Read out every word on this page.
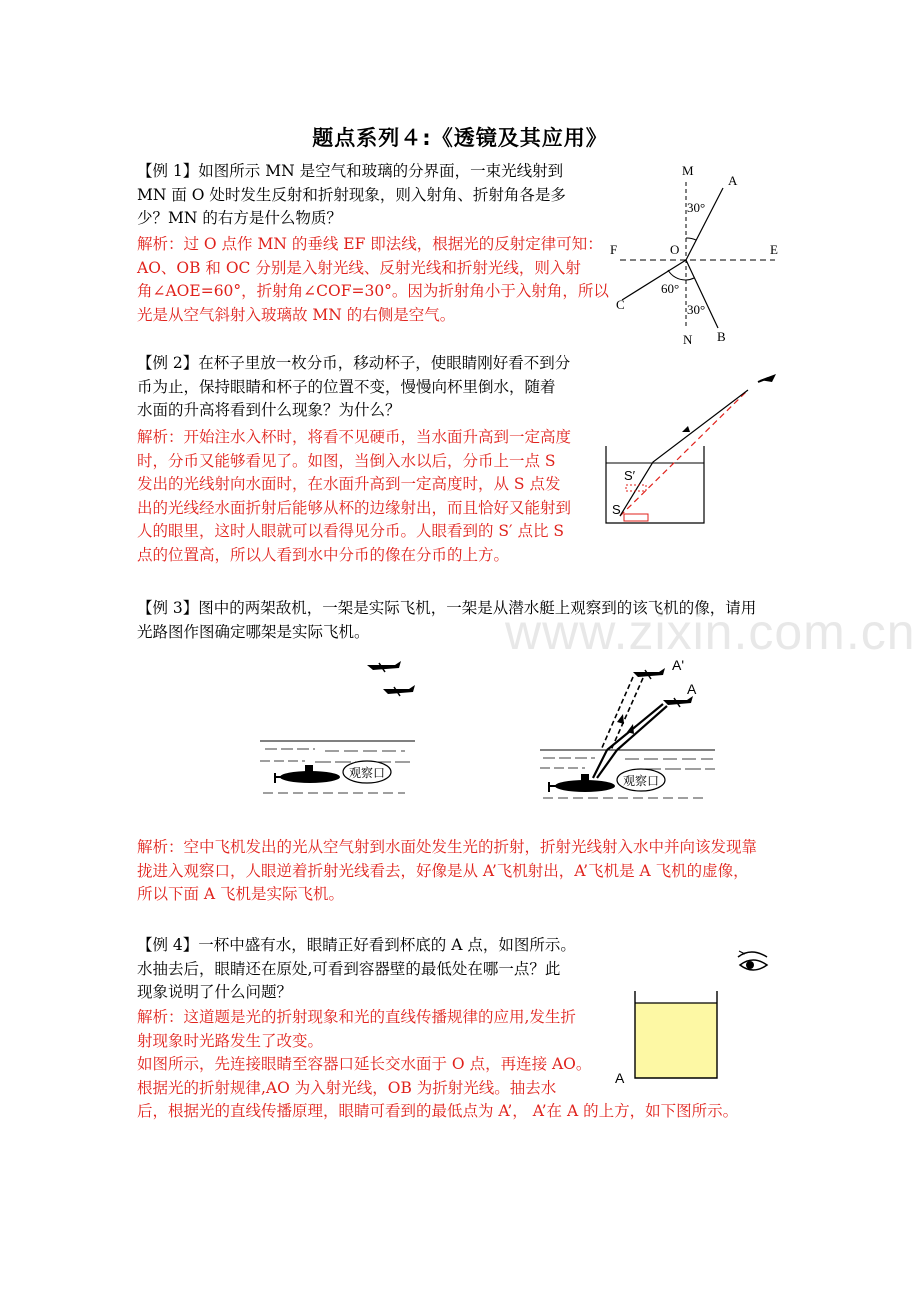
题点系列４:《透镜及其应用》
【例 1】如图所示 MN 是空气和玻璃的分界面，一束光线射到
MN 面 O 处时发生反射和折射现象，则入射角、折射角各是多
少？MN 的右方是什么物质？
解析：过 O 点作 MN 的垂线 EF 即法线，根据光的反射定律可知：
AO、OB 和 OC 分别是入射光线、反射光线和折射光线，则入射
角∠AOE=60°，折射角∠COF=30°。因为折射角小于入射角，所以
光是从空气斜射入玻璃故 MN 的右侧是空气。
M
N
F	E
O
A
B
C
30°
30°
60°
【例 2】在杯子里放一枚分币，移动杯子，使眼睛刚好看不到分
币为止，保持眼睛和杯子的位置不变，慢慢向杯里倒水，随着
水面的升高将看到什么现象？为什么？
解析：开始注水入杯时，将看不见硬币，当水面升高到一定高度
时，分币又能够看见了。如图，当倒入水以后，分币上一点 S
发出的光线射向水面时，在水面升高到一定高度时，从 S 点发
出的光线经水面折射后能够从杯的边缘射出，而且恰好又能射到
人的眼里，这时人眼就可以看得见分币。人眼看到的 S′ 点比 S
点的位置高，所以人看到水中分币的像在分币的上方。
S′
S
【例 3】图中的两架敌机，一架是实际飞机，一架是从潜水艇上观察到的该飞机的像，请用
光路图作图确定哪架是实际飞机。	www.zixin.com.cn
观察口
A'
A
观察口
解析：空中飞机发出的光从空气射到水面处发生光的折射，折射光线射入水中并向该发现靠
拢进入观察口，人眼逆着折射光线看去，好像是从 A’飞机射出，A’飞机是 A 飞机的虚像，
所以下面 A 飞机是实际飞机。
【例 4】一杯中盛有水，眼睛正好看到杯底的 A 点，如图所示。
水抽去后，眼睛还在原处,可看到容器壁的最低处在哪一点？此
现象说明了什么问题？
解析：这道题是光的折射现象和光的直线传播规律的应用,发生折
射现象时光路发生了改变。
如图所示，先连接眼睛至容器口延长交水面于 O 点，再连接 AO。
根据光的折射规律,AO 为入射光线，OB 为折射光线。抽去水
后，根据光的直线传播原理，眼睛可看到的最低点为 A’， A’在 A 的上方，如下图所示。
A
